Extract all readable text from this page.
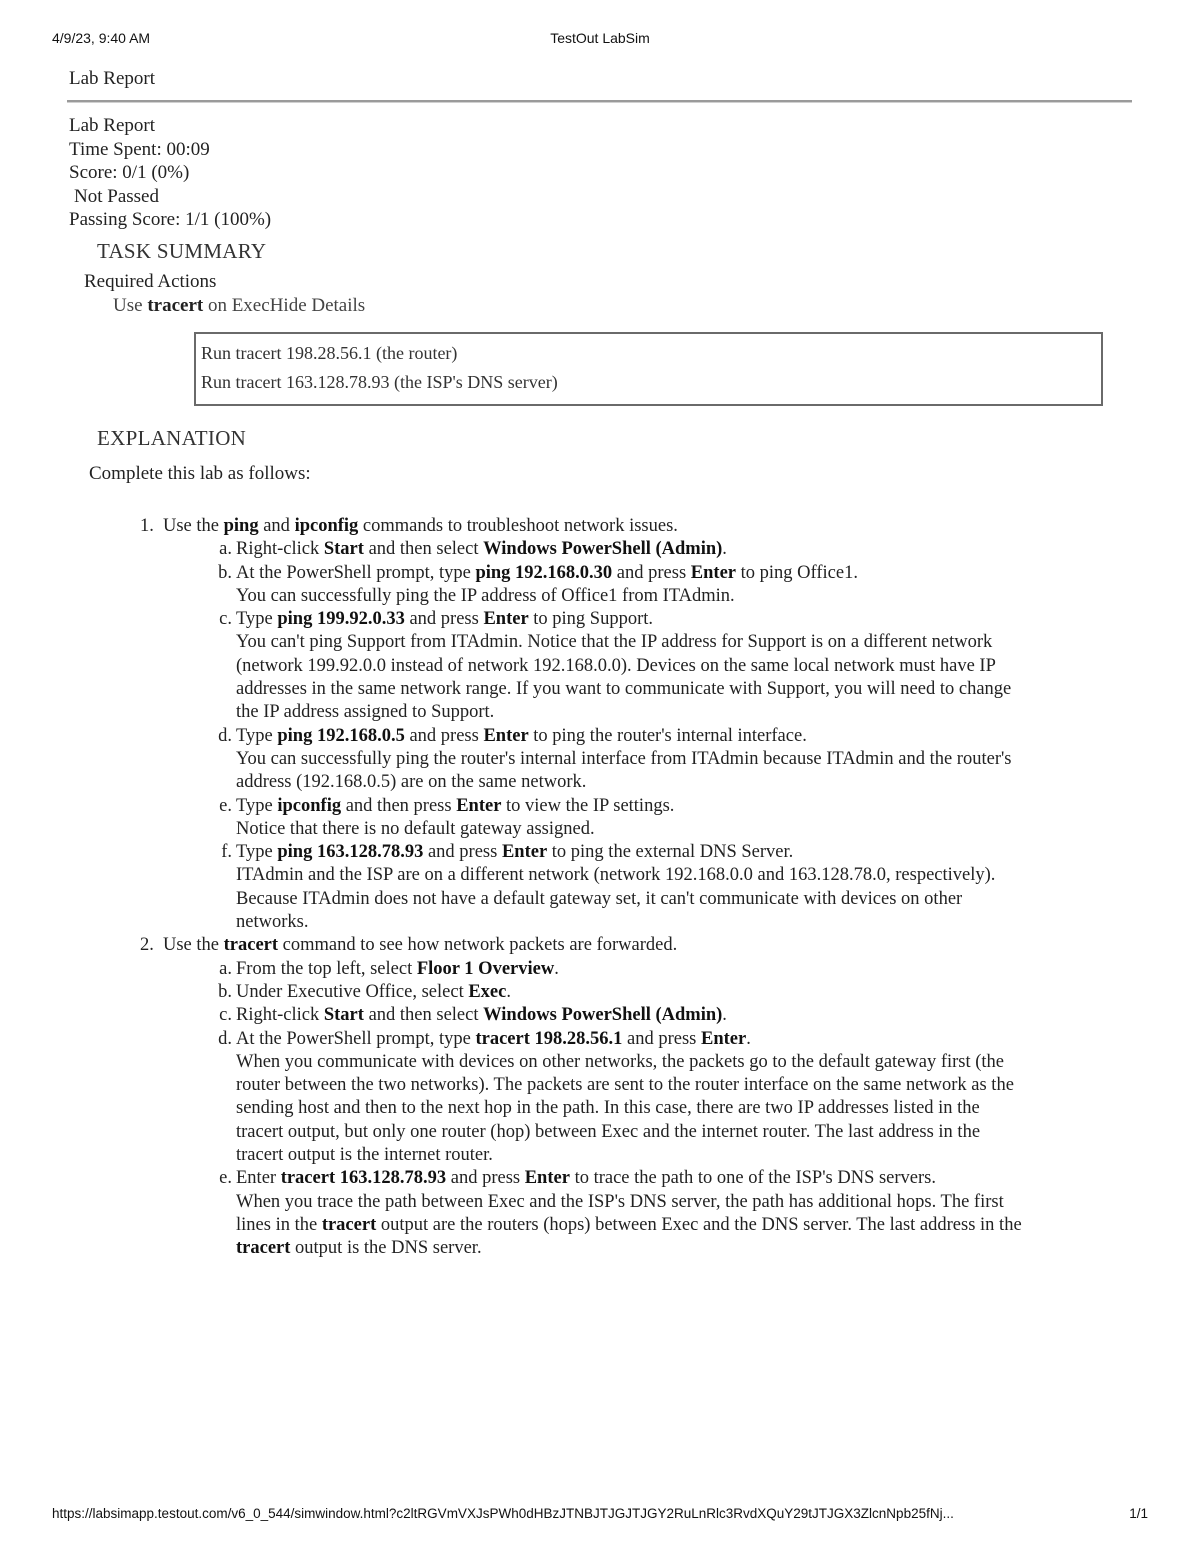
4/9/23, 9:40 AM	TestOut LabSim
Lab Report
Lab Report
Time Spent: 00:09
Score: 0/1 (0%)
Not Passed
Passing Score: 1/1 (100%)
TASK SUMMARY
Required Actions
Use tracert on ExecHide Details
Run tracert 198.28.56.1 (the router)
Run tracert 163.128.78.93 (the ISP's DNS server)
EXPLANATION
Complete this lab as follows:
1. Use the ping and ipconfig commands to troubleshoot network issues.
a. Right-click Start and then select Windows PowerShell (Admin).

b. At the PowerShell prompt, type ping 192.168.0.30 and press Enter to ping Office1.

You can successfully ping the IP address of Office1 from ITAdmin.

c. Type ping 199.92.0.33 and press Enter to ping Support.

You can't ping Support from ITAdmin. Notice that the IP address for Support is on a different network

(network 199.92.0.0 instead of network 192.168.0.0). Devices on the same local network must have IP

addresses in the same network range. If you want to communicate with Support, you will need to change

the IP address assigned to Support.

d. Type ping 192.168.0.5 and press Enter to ping the router's internal interface.

You can successfully ping the router's internal interface from ITAdmin because ITAdmin and the router's

address (192.168.0.5) are on the same network.

e. Type ipconfig and then press Enter to view the IP settings.

Notice that there is no default gateway assigned.

f. Type ping 163.128.78.93 and press Enter to ping the external DNS Server.

ITAdmin and the ISP are on a different network (network 192.168.0.0 and 163.128.78.0, respectively).

Because ITAdmin does not have a default gateway set, it can't communicate with devices on other

networks.

2. Use the tracert command to see how network packets are forwarded.
a. From the top left, select Floor 1 Overview.

b. Under Executive Office, select Exec.

c. Right-click Start and then select Windows PowerShell (Admin).

d. At the PowerShell prompt, type tracert 198.28.56.1 and press Enter.

When you communicate with devices on other networks, the packets go to the default gateway first (the

router between the two networks). The packets are sent to the router interface on the same network as the

sending host and then to the next hop in the path. In this case, there are two IP addresses listed in the

tracert output, but only one router (hop) between Exec and the internet router. The last address in the

tracert output is the internet router.

e. Enter tracert 163.128.78.93 and press Enter to trace the path to one of the ISP's DNS servers.

When you trace the path between Exec and the ISP's DNS server, the path has additional hops. The first

lines in the tracert output are the routers (hops) between Exec and the DNS server. The last address in the

tracert output is the DNS server.

https://labsimapp.testout.com/v6_0_544/simwindow.html?c2ltRGVmVXJsPWh0dHBzJTNBJTJGJTJGY2RuLnRlc3RvdXQuY29tJTJGX3ZlcnNpb25fNj...	1/1
